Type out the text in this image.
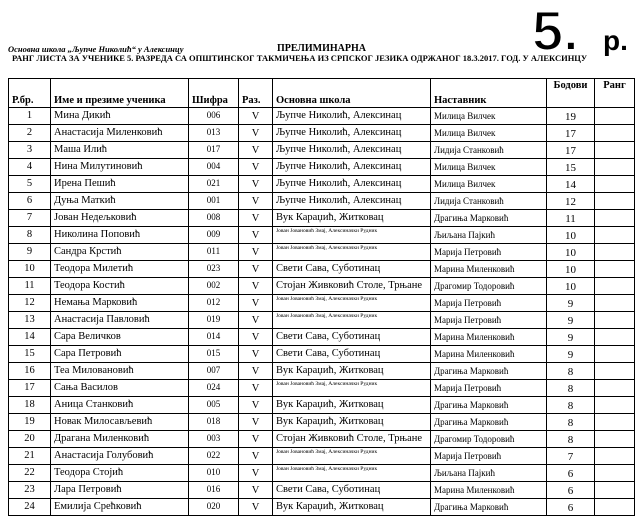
Основна школа „Љупче Николић“ у Алексинцу	ПРЕЛИМИНАРНА
РАНГ ЛИСТА ЗА УЧЕНИКЕ 5. РАЗРЕДА СА ОПШТИНСКОГ ТАКМИЧЕЊА ИЗ СРПСКОГ ЈЕЗИКА ОДРЖАНОГ 18.3.2017. ГОД. У АЛЕКСИНЦУ
5. р.
Р.бр.	Име и презиме ученика	Шифра	Раз.	Основна школа	Наставник	Бодови	Ранг
1	Мина Дикић	006	V	Љупче Николић, Алексинац	Милица Вилчек	19	
2	Анастасија Миленковић	013	V	Љупче Николић, Алексинац	Милица Вилчек	17	
3	Маша Илић	017	V	Љупче Николић, Алексинац	Лидија Станковић	17	
4	Нина Милутиновић	004	V	Љупче Николић, Алексинац	Милица Вилчек	15	
5	Ирена Пешић	021	V	Љупче Николић, Алексинац	Милица Вилчек	14	
6	Дуња Маткић	001	V	Љупче Николић, Алексинац	Лидија Станковић	12	
7	Јован Недељковић	008	V	Вук Караџић, Житковац	Драгиња Марковић	11	
8	Николина Поповић	009	V	Јован Јовановић Змај, Алексиначки Рудник	Љиљана Пајкић	10	
9	Сандра Крстић	011	V	Јован Јовановић Змај, Алексиначки Рудник	Марија Петровић	10	
10	Теодора Милетић	023	V	Свети Сава, Суботинац	Марина Миленковић	10	
11	Теодора Костић	002	V	Стојан Живковић Столе, Трњане	Драгомир Тодоровић	10	
12	Немања Марковић	012	V	Јован Јовановић Змај, Алексиначки Рудник	Марија Петровић	9	
13	Анастасија Павловић	019	V	Јован Јовановић Змај, Алексиначки Рудник	Марија Петровић	9	
14	Сара Величков	014	V	Свети Сава, Суботинац	Марина Миленковић	9	
15	Сара Петровић	015	V	Свети Сава, Суботинац	Марина Миленковић	9	
16	Теа Миловановић	007	V	Вук Караџић, Житковац	Драгиња Марковић	8	
17	Сања Василов	024	V	Јован Јовановић Змај, Алексиначки Рудник	Марија Петровић	8	
18	Аница Станковић	005	V	Вук Караџић, Житковац	Драгиња Марковић	8	
19	Новак Милосављевић	018	V	Вук Караџић, Житковац	Драгиња Марковић	8	
20	Драгана Миленковић	003	V	Стојан Живковић Столе, Трњане	Драгомир Тодоровић	8	
21	Анастасија Голубовић	022	V	Јован Јовановић Змај, Алексиначки Рудник	Марија Петровић	7	
22	Теодора Стојић	010	V	Јован Јовановић Змај, Алексиначки Рудник	Љиљана Пајкић	6	
23	Лара Петровић	016	V	Свети Сава, Суботинац	Марина Миленковић	6	
24	Емилија Срећковић	020	V	Вук Караџић, Житковац	Драгиња Марковић	6	
